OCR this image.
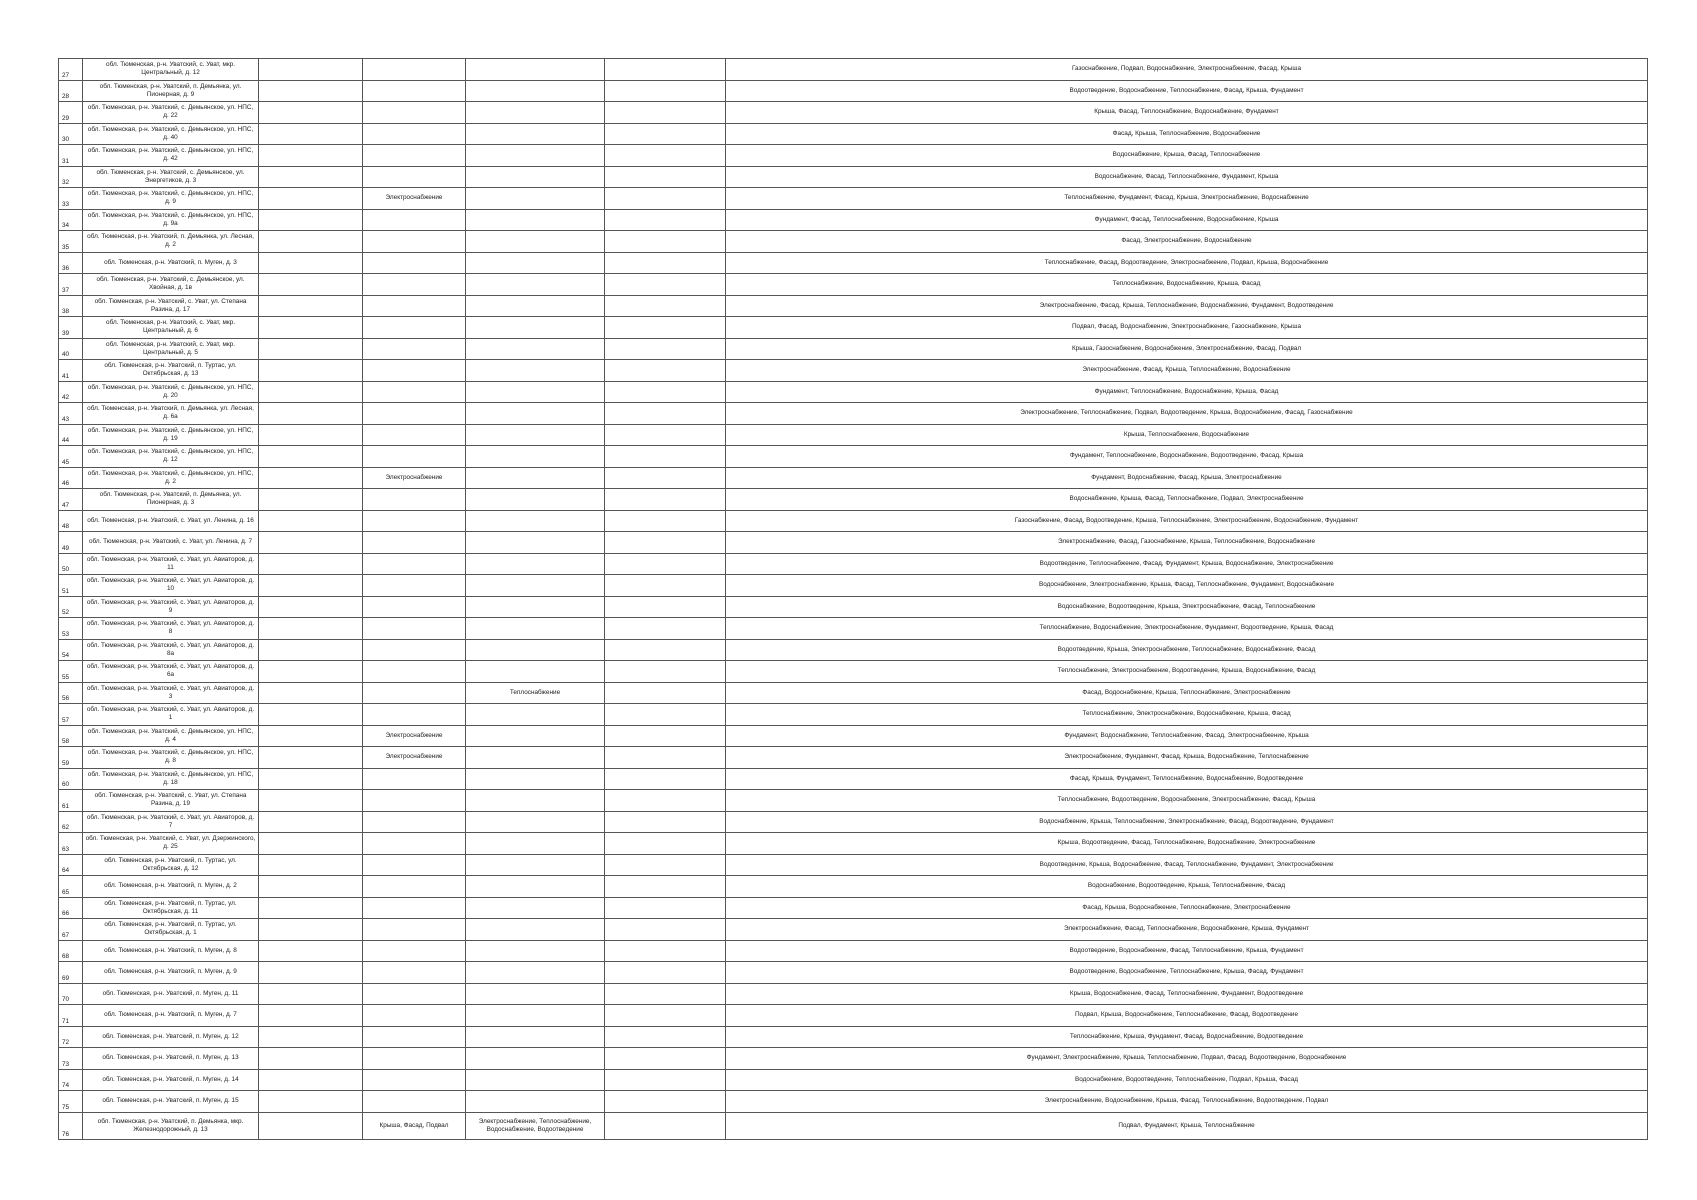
27	обл. Тюменская, р-н. Уватский, с. Уват, мкр. Центральный, д. 12					Газоснабжение, Подвал, Водоснабжение, Электроснабжение, Фасад, Крыша
28	обл. Тюменская, р-н. Уватский, п. Демьянка, ул. Пионерная, д. 9					Водоотведение, Водоснабжение, Теплоснабжение, Фасад, Крыша, Фундамент
29	обл. Тюменская, р-н. Уватский, с. Демьянское, ул. НПС, д. 22					Крыша, Фасад, Теплоснабжение, Водоснабжение, Фундамент
30	обл. Тюменская, р-н. Уватский, с. Демьянское, ул. НПС, д. 40					Фасад, Крыша, Теплоснабжение, Водоснабжение
31	обл. Тюменская, р-н. Уватский, с. Демьянское, ул. НПС, д. 42					Водоснабжение, Крыша, Фасад, Теплоснабжение
32	обл. Тюменская, р-н. Уватский, с. Демьянское, ул. Энергетиков, д. 3					Водоснабжение, Фасад, Теплоснабжение, Фундамент, Крыша
33	обл. Тюменская, р-н. Уватский, с. Демьянское, ул. НПС, д. 9		Электроснабжение			Теплоснабжение, Фундамент, Фасад, Крыша, Электроснабжение, Водоснабжение
34	обл. Тюменская, р-н. Уватский, с. Демьянское, ул. НПС, д. 9а					Фундамент, Фасад, Теплоснабжение, Водоснабжение, Крыша
35	обл. Тюменская, р-н. Уватский, п. Демьянка, ул. Лесная, д. 2					Фасад, Электроснабжение, Водоснабжение
36	обл. Тюменская, р-н. Уватский, п. Муген, д. 3					Теплоснабжение, Фасад, Водоотведение, Электроснабжение, Подвал, Крыша, Водоснабжение
37	обл. Тюменская, р-н. Уватский, с. Демьянское, ул. Хвойная, д. 1в					Теплоснабжение, Водоснабжение, Крыша, Фасад
38	обл. Тюменская, р-н. Уватский, с. Уват, ул. Степана Разина, д. 17					Электроснабжение, Фасад, Крыша, Теплоснабжение, Водоснабжение, Фундамент, Водоотведение
39	обл. Тюменская, р-н. Уватский, с. Уват, мкр. Центральный, д. 6					Подвал, Фасад, Водоснабжение, Электроснабжение, Газоснабжение, Крыша
40	обл. Тюменская, р-н. Уватский, с. Уват, мкр. Центральный, д. 5					Крыша, Газоснабжение, Водоснабжение, Электроснабжение, Фасад, Подвал
41	обл. Тюменская, р-н. Уватский, п. Туртас, ул. Октябрьская, д. 13					Электроснабжение, Фасад, Крыша, Теплоснабжение, Водоснабжение
42	обл. Тюменская, р-н. Уватский, с. Демьянское, ул. НПС, д. 20					Фундамент, Теплоснабжение, Водоснабжение, Крыша, Фасад
43	обл. Тюменская, р-н. Уватский, п. Демьянка, ул. Лесная, д. 6а					Электроснабжение, Теплоснабжение, Подвал, Водоотведение, Крыша, Водоснабжение, Фасад, Газоснабжение
44	обл. Тюменская, р-н. Уватский, с. Демьянское, ул. НПС, д. 19					Крыша, Теплоснабжение, Водоснабжение
45	обл. Тюменская, р-н. Уватский, с. Демьянское, ул. НПС, д. 12					Фундамент, Теплоснабжение, Водоснабжение, Водоотведение, Фасад, Крыша
46	обл. Тюменская, р-н. Уватский, с. Демьянское, ул. НПС, д. 2		Электроснабжение			Фундамент, Водоснабжение, Фасад, Крыша, Электроснабжение
47	обл. Тюменская, р-н. Уватский, п. Демьянка, ул. Пионерная, д. 3					Водоснабжение, Крыша, Фасад, Теплоснабжение, Подвал, Электроснабжение
48	обл. Тюменская, р-н. Уватский, с. Уват, ул. Ленина, д. 16					Газоснабжение, Фасад, Водоотведение, Крыша, Теплоснабжение, Электроснабжение, Водоснабжение, Фундамент
49	обл. Тюменская, р-н. Уватский, с. Уват, ул. Ленина, д. 7					Электроснабжение, Фасад, Газоснабжение, Крыша, Теплоснабжение, Водоснабжение
50	обл. Тюменская, р-н. Уватский, с. Уват, ул. Авиаторов, д. 11					Водоотведение, Теплоснабжение, Фасад, Фундамент, Крыша, Водоснабжение, Электроснабжение
51	обл. Тюменская, р-н. Уватский, с. Уват, ул. Авиаторов, д. 10					Водоснабжение, Электроснабжение, Крыша, Фасад, Теплоснабжение, Фундамент, Водоснабжение
52	обл. Тюменская, р-н. Уватский, с. Уват, ул. Авиаторов, д. 9					Водоснабжение, Водоотведение, Крыша, Электроснабжение, Фасад, Теплоснабжение
53	обл. Тюменская, р-н. Уватский, с. Уват, ул. Авиаторов, д. 8					Теплоснабжение, Водоснабжение, Электроснабжение, Фундамент, Водоотведение, Крыша, Фасад
54	обл. Тюменская, р-н. Уватский, с. Уват, ул. Авиаторов, д. 8а					Водоотведение, Крыша, Электроснабжение, Теплоснабжение, Водоснабжение, Фасад
55	обл. Тюменская, р-н. Уватский, с. Уват, ул. Авиаторов, д. 6а					Теплоснабжение, Электроснабжение, Водоотведение, Крыша, Водоснабжение, Фасад
56	обл. Тюменская, р-н. Уватский, с. Уват, ул. Авиаторов, д. 3			Теплоснабжение		Фасад, Водоснабжение, Крыша, Теплоснабжение, Электроснабжение
57	обл. Тюменская, р-н. Уватский, с. Уват, ул. Авиаторов, д. 1					Теплоснабжение, Электроснабжение, Водоснабжение, Крыша, Фасад
58	обл. Тюменская, р-н. Уватский, с. Демьянское, ул. НПС, д. 4		Электроснабжение			Фундамент, Водоснабжение, Теплоснабжение, Фасад, Электроснабжение, Крыша
59	обл. Тюменская, р-н. Уватский, с. Демьянское, ул. НПС, д. 8		Электроснабжение			Электроснабжение, Фундамент, Фасад, Крыша, Водоснабжение, Теплоснабжение
60	обл. Тюменская, р-н. Уватский, с. Демьянское, ул. НПС, д. 18					Фасад, Крыша, Фундамент, Теплоснабжение, Водоснабжение, Водоотведение
61	обл. Тюменская, р-н. Уватский, с. Уват, ул. Степана Разина, д. 19					Теплоснабжение, Водоотведение, Водоснабжение, Электроснабжение, Фасад, Крыша
62	обл. Тюменская, р-н. Уватский, с. Уват, ул. Авиаторов, д. 7					Водоснабжение, Крыша, Теплоснабжение, Электроснабжение, Фасад, Водоотведение, Фундамент
63	обл. Тюменская, р-н. Уватский, с. Уват, ул. Дзержинского, д. 25					Крыша, Водоотведение, Фасад, Теплоснабжение, Водоснабжение, Электроснабжение
64	обл. Тюменская, р-н. Уватский, п. Туртас, ул. Октябрьская, д. 12					Водоотведение, Крыша, Водоснабжение, Фасад, Теплоснабжение, Фундамент, Электроснабжение
65	обл. Тюменская, р-н. Уватский, п. Муген, д. 2					Водоснабжение, Водоотведение, Крыша, Теплоснабжение, Фасад
66	обл. Тюменская, р-н. Уватский, п. Туртас, ул. Октябрьская, д. 11					Фасад, Крыша, Водоснабжение, Теплоснабжение, Электроснабжение
67	обл. Тюменская, р-н. Уватский, п. Туртас, ул. Октябрьская, д. 1					Электроснабжение, Фасад, Теплоснабжение, Водоснабжение, Крыша, Фундамент
68	обл. Тюменская, р-н. Уватский, п. Муген, д. 8					Водоотведение, Водоснабжение, Фасад, Теплоснабжение, Крыша, Фундамент
69	обл. Тюменская, р-н. Уватский, п. Муген, д. 9					Водоотведение, Водоснабжение, Теплоснабжение, Крыша, Фасад, Фундамент
70	обл. Тюменская, р-н. Уватский, п. Муген, д. 11					Крыша, Водоснабжение, Фасад, Теплоснабжение, Фундамент, Водоотведение
71	обл. Тюменская, р-н. Уватский, п. Муген, д. 7					Подвал, Крыша, Водоснабжение, Теплоснабжение, Фасад, Водоотведение
72	обл. Тюменская, р-н. Уватский, п. Муген, д. 12					Теплоснабжение, Крыша, Фундамент, Фасад, Водоснабжение, Водоотведение
73	обл. Тюменская, р-н. Уватский, п. Муген, д. 13					Фундамент, Электроснабжение, Крыша, Теплоснабжение, Подвал, Фасад, Водоотведение, Водоснабжение
74	обл. Тюменская, р-н. Уватский, п. Муген, д. 14					Водоснабжение, Водоотведение, Теплоснабжение, Подвал, Крыша, Фасад
75	обл. Тюменская, р-н. Уватский, п. Муген, д. 15					Электроснабжение, Водоснабжение, Крыша, Фасад, Теплоснабжение, Водоотведение, Подвал
76	обл. Тюменская, р-н. Уватский, п. Демьянка, мкр. Железнодорожный, д. 13		Крыша, Фасад, Подвал	Электроснабжение, Теплоснабжение, Водоснабжение, Водоотведение		Подвал, Фундамент, Крыша, Теплоснабжение
